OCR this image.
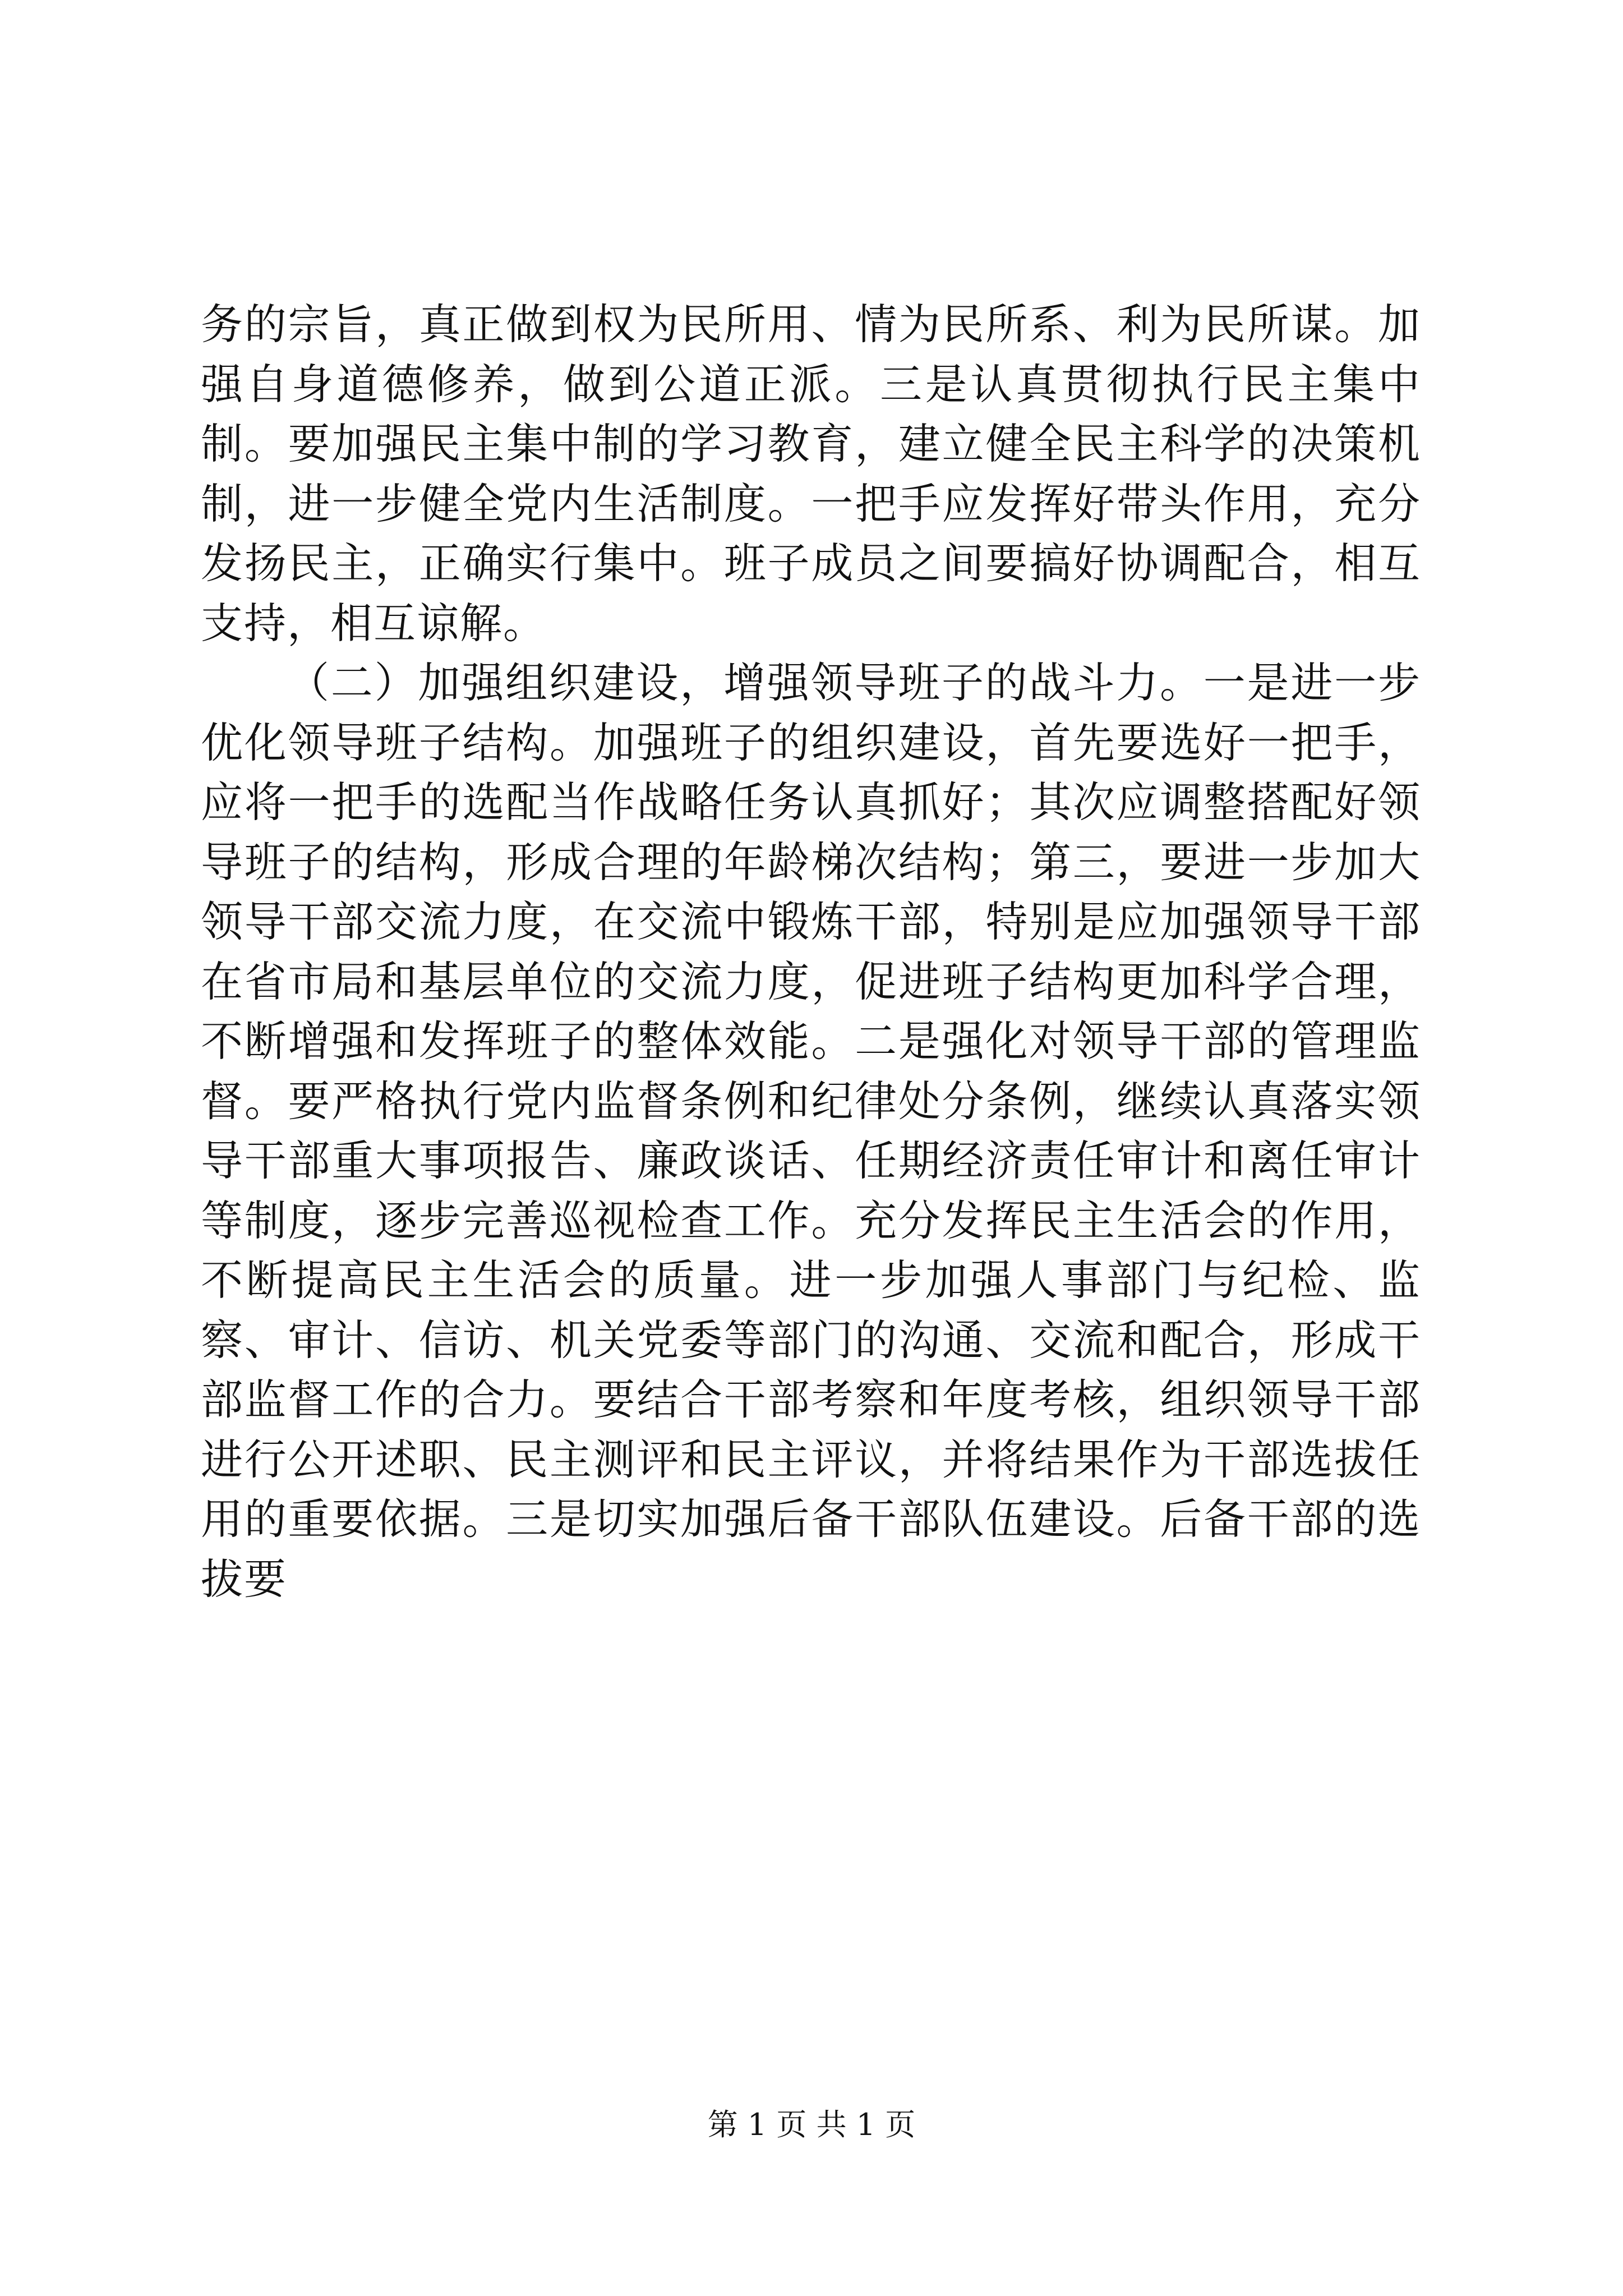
务的宗旨，真正做到权为民所用、情为民所系、利为民所谋。加强自身道德修养，做到公道正派。三是认真贯彻执行民主集中制。要加强民主集中制的学习教育，建立健全民主科学的决策机制，进一步健全党内生活制度。一把手应发挥好带头作用，充分发扬民主，正确实行集中。班子成员之间要搞好协调配合，相互支持，相互谅解。

（二）加强组织建设，增强领导班子的战斗力。一是进一步优化领导班子结构。加强班子的组织建设，首先要选好一把手，应将一把手的选配当作战略任务认真抓好；其次应调整搭配好领导班子的结构，形成合理的年龄梯次结构；第三，要进一步加大领导干部交流力度，在交流中锻炼干部，特别是应加强领导干部在省市局和基层单位的交流力度，促进班子结构更加科学合理，不断增强和发挥班子的整体效能。二是强化对领导干部的管理监督。要严格执行党内监督条例和纪律处分条例，继续认真落实领导干部重大事项报告、廉政谈话、任期经济责任审计和离任审计等制度，逐步完善巡视检查工作。充分发挥民主生活会的作用，不断提高民主生活会的质量。进一步加强人事部门与纪检、监察、审计、信访、机关党委等部门的沟通、交流和配合，形成干部监督工作的合力。要结合干部考察和年度考核，组织领导干部进行公开述职、民主测评和民主评议，并将结果作为干部选拔任用的重要依据。三是切实加强后备干部队伍建设。后备干部的选拔要

第 1 页 共 1 页
